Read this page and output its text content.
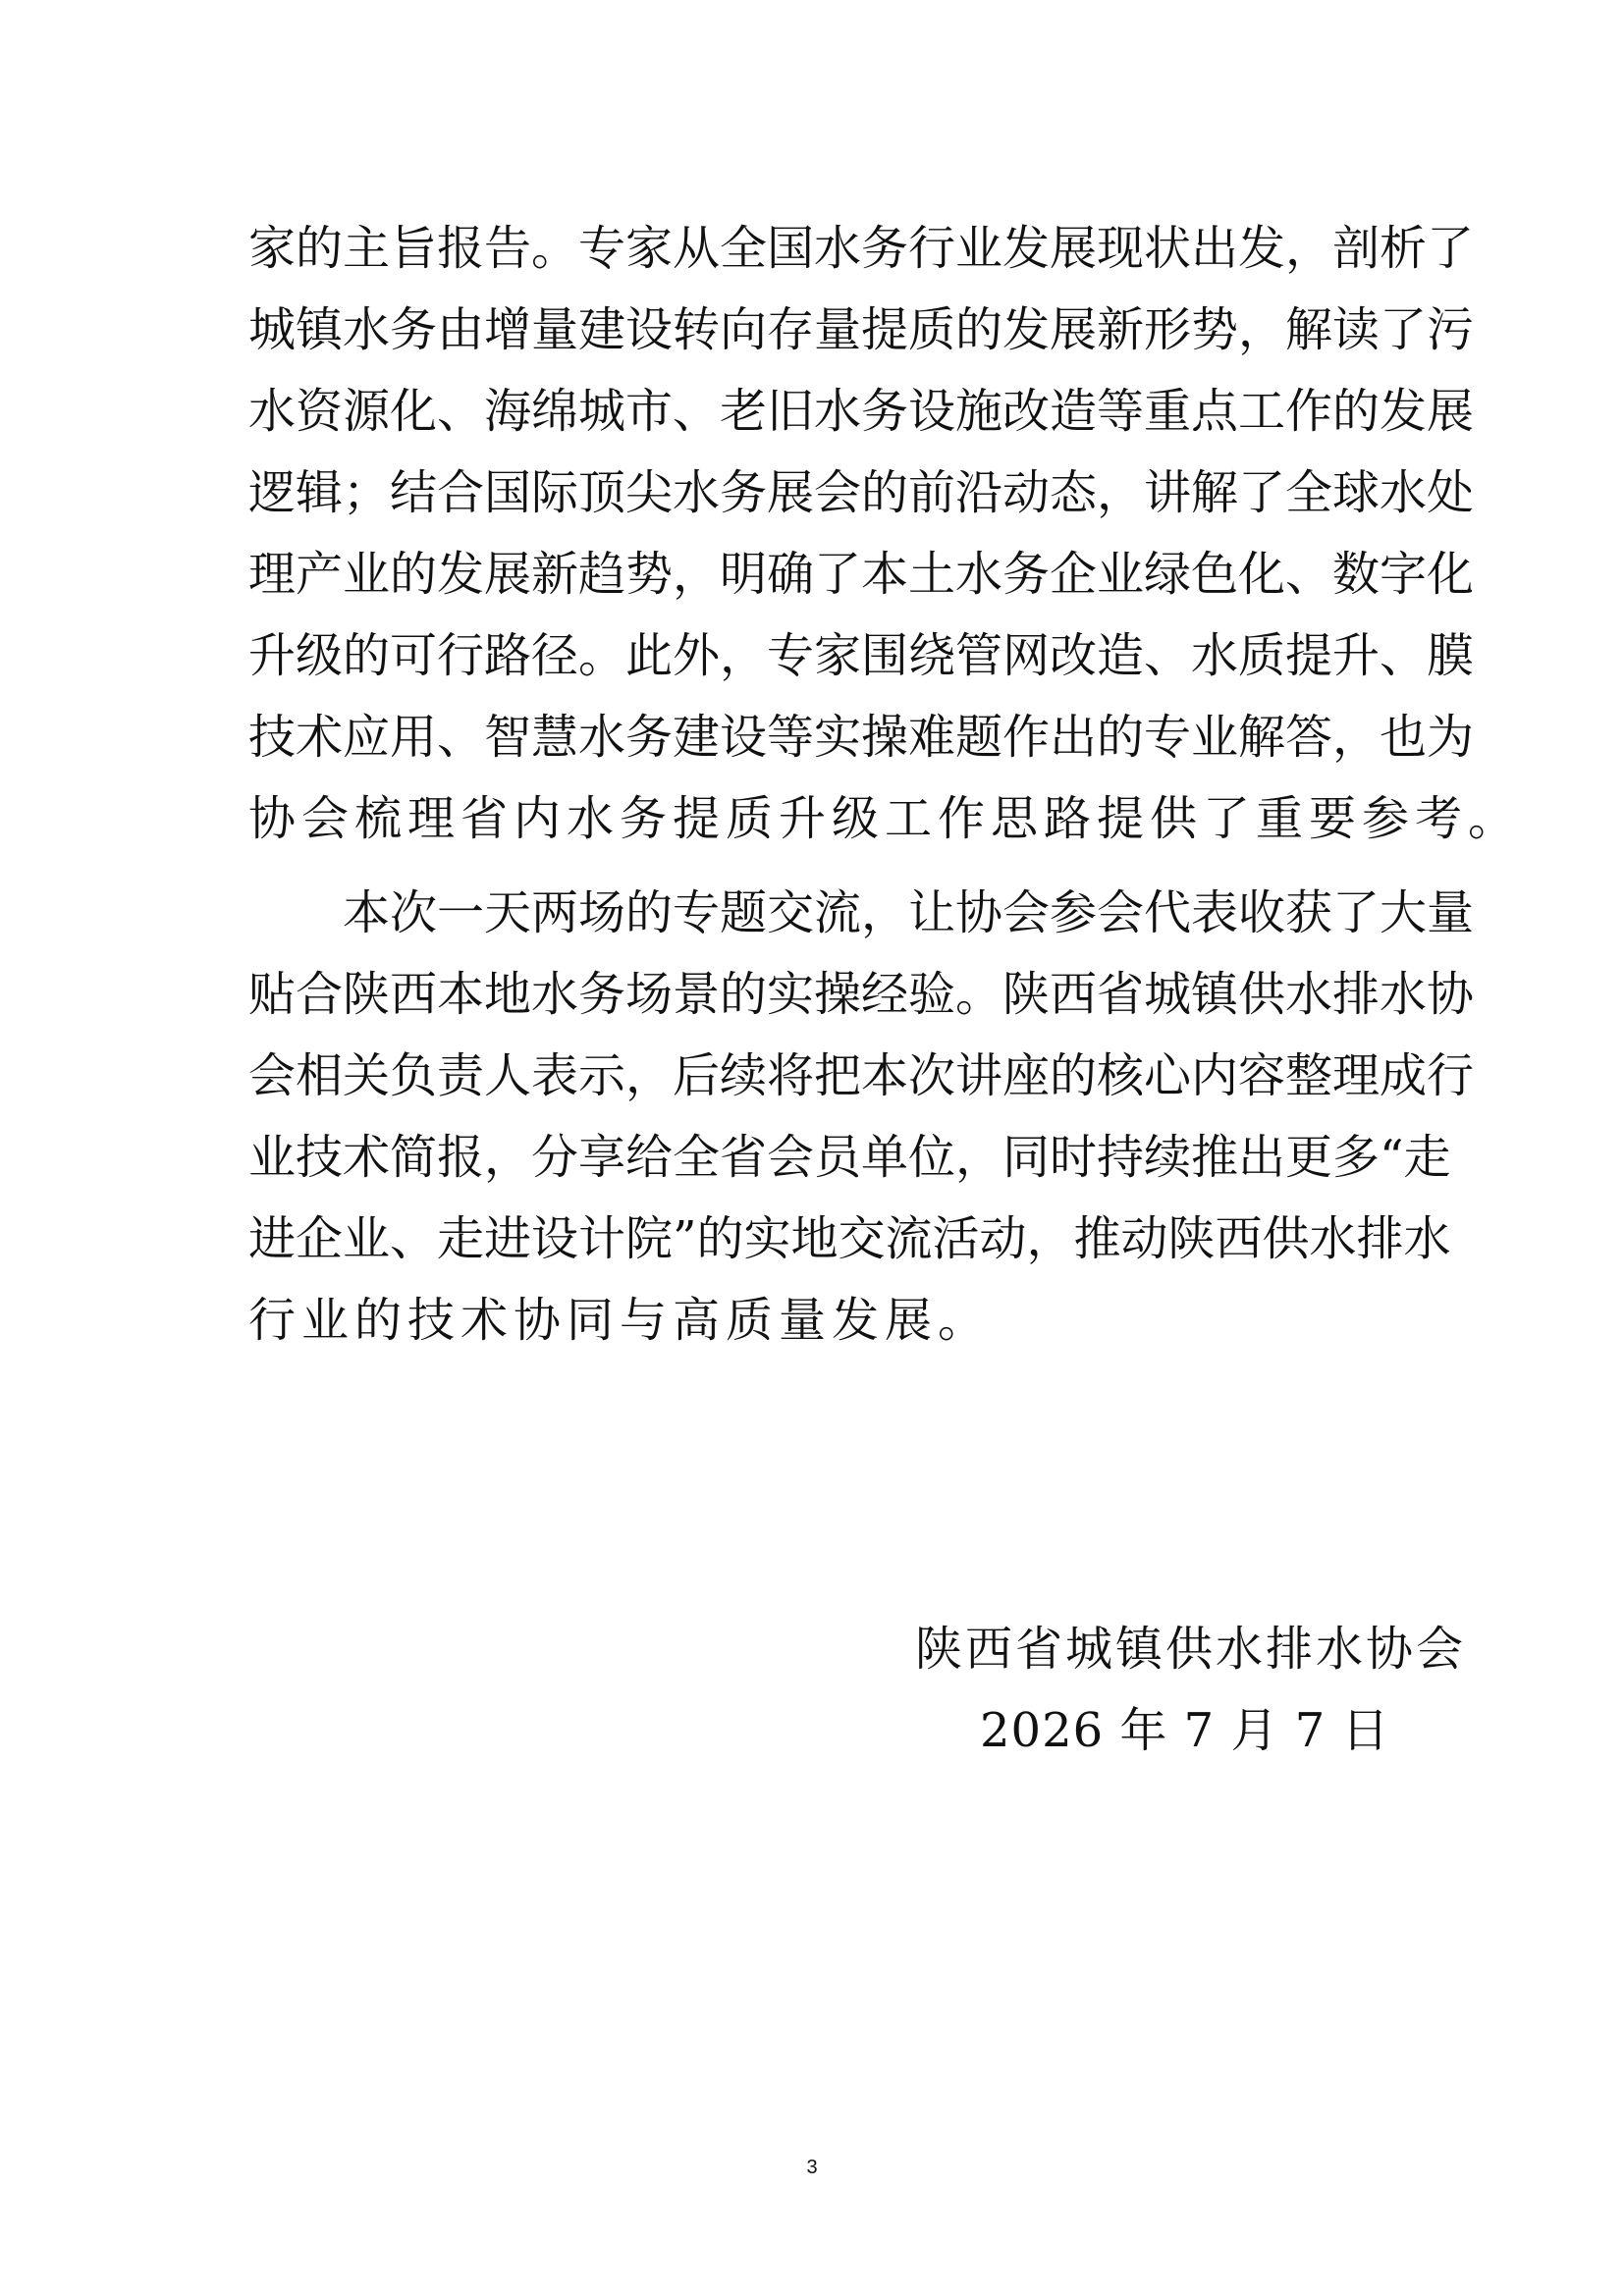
家的主旨报告。专家从全国水务行业发展现状出发，剖析了
城镇水务由增量建设转向存量提质的发展新形势，解读了污
水资源化、海绵城市、老旧水务设施改造等重点工作的发展
逻辑；结合国际顶尖水务展会的前沿动态，讲解了全球水处
理产业的发展新趋势，明确了本土水务企业绿色化、数字化
升级的可行路径。此外，专家围绕管网改造、水质提升、膜
技术应用、智慧水务建设等实操难题作出的专业解答，也为
协会梳理省内水务提质升级工作思路提供了重要参考。
本次一天两场的专题交流，让协会参会代表收获了大量
贴合陕西本地水务场景的实操经验。陕西省城镇供水排水协
会相关负责人表示，后续将把本次讲座的核心内容整理成行
业技术简报，分享给全省会员单位，同时持续推出更多“走
进企业、走进设计院”的实地交流活动，推动陕西供水排水
行业的技术协同与高质量发展。
陕西省城镇供水排水协会
2026 年 7 月 7 日
3
